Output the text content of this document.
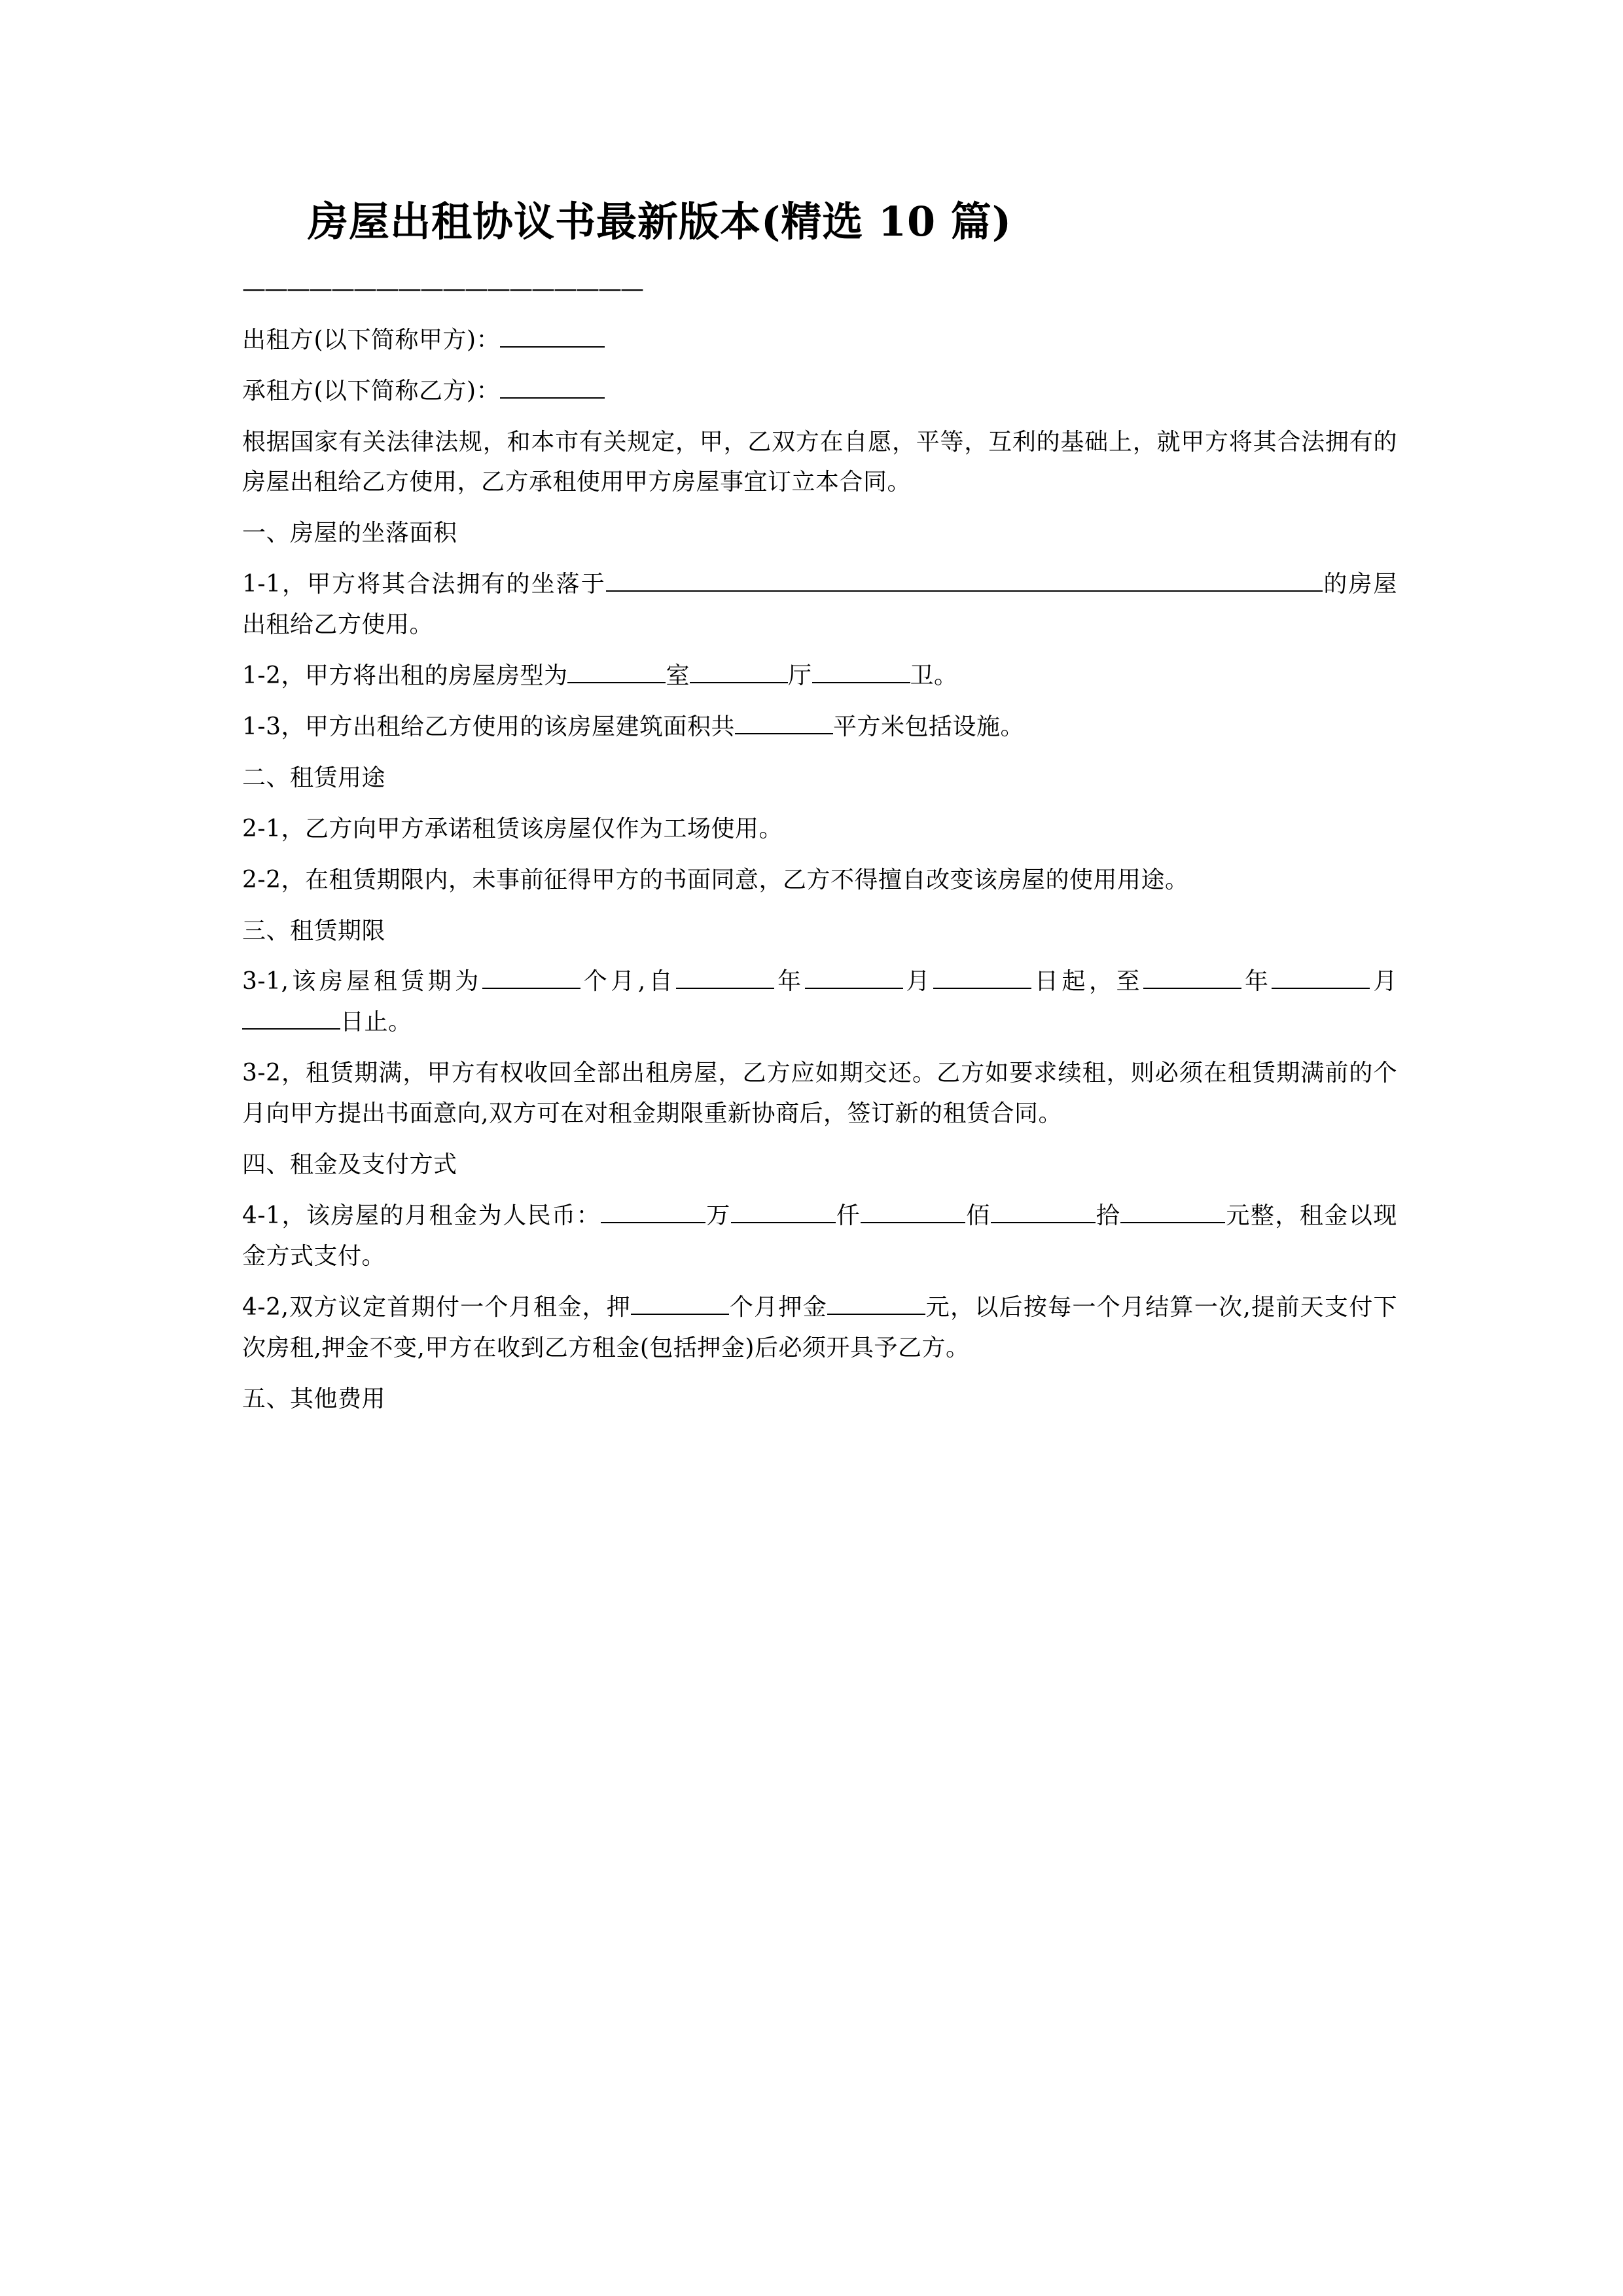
房屋出租协议书最新版本(精选 10 篇)
——————————————————

出租方(以下简称甲方)：

承租方(以下简称乙方)：

根据国家有关法律法规，和本市有关规定，甲，乙双方在自愿，平等，互利的基础上，就甲方将其合法拥有的房屋出租给乙方使用，乙方承租使用甲方房屋事宜订立本合同。

一、房屋的坐落面积

1-1，甲方将其合法拥有的坐落于	的房屋出租给乙方使用。

1-2，甲方将出租的房屋房型为	室	厅	卫。

1-3，甲方出租给乙方使用的该房屋建筑面积共	平方米包括设施。

二、租赁用途

2-1，乙方向甲方承诺租赁该房屋仅作为工场使用。

2-2，在租赁期限内，未事前征得甲方的书面同意，乙方不得擅自改变该房屋的使用用途。

三、租赁期限

3-1,该房屋租赁期为	个月,自	年	月	日起，至	年	月日止。

3-2，租赁期满，甲方有权收回全部出租房屋，乙方应如期交还。乙方如要求续租，则必须在租赁期满前的个月向甲方提出书面意向,双方可在对租金期限重新协商后，签订新的租赁合同。

四、租金及支付方式

4-1，该房屋的月租金为人民币：	万	仟	佰	拾	元整，租金以现金方式支付。

4-2,双方议定首期付一个月租金，押	个月押金	元，以后按每一个月结算一次,提前天支付下次房租,押金不变,甲方在收到乙方租金(包括押金)后必须开具予乙方。

五、其他费用
